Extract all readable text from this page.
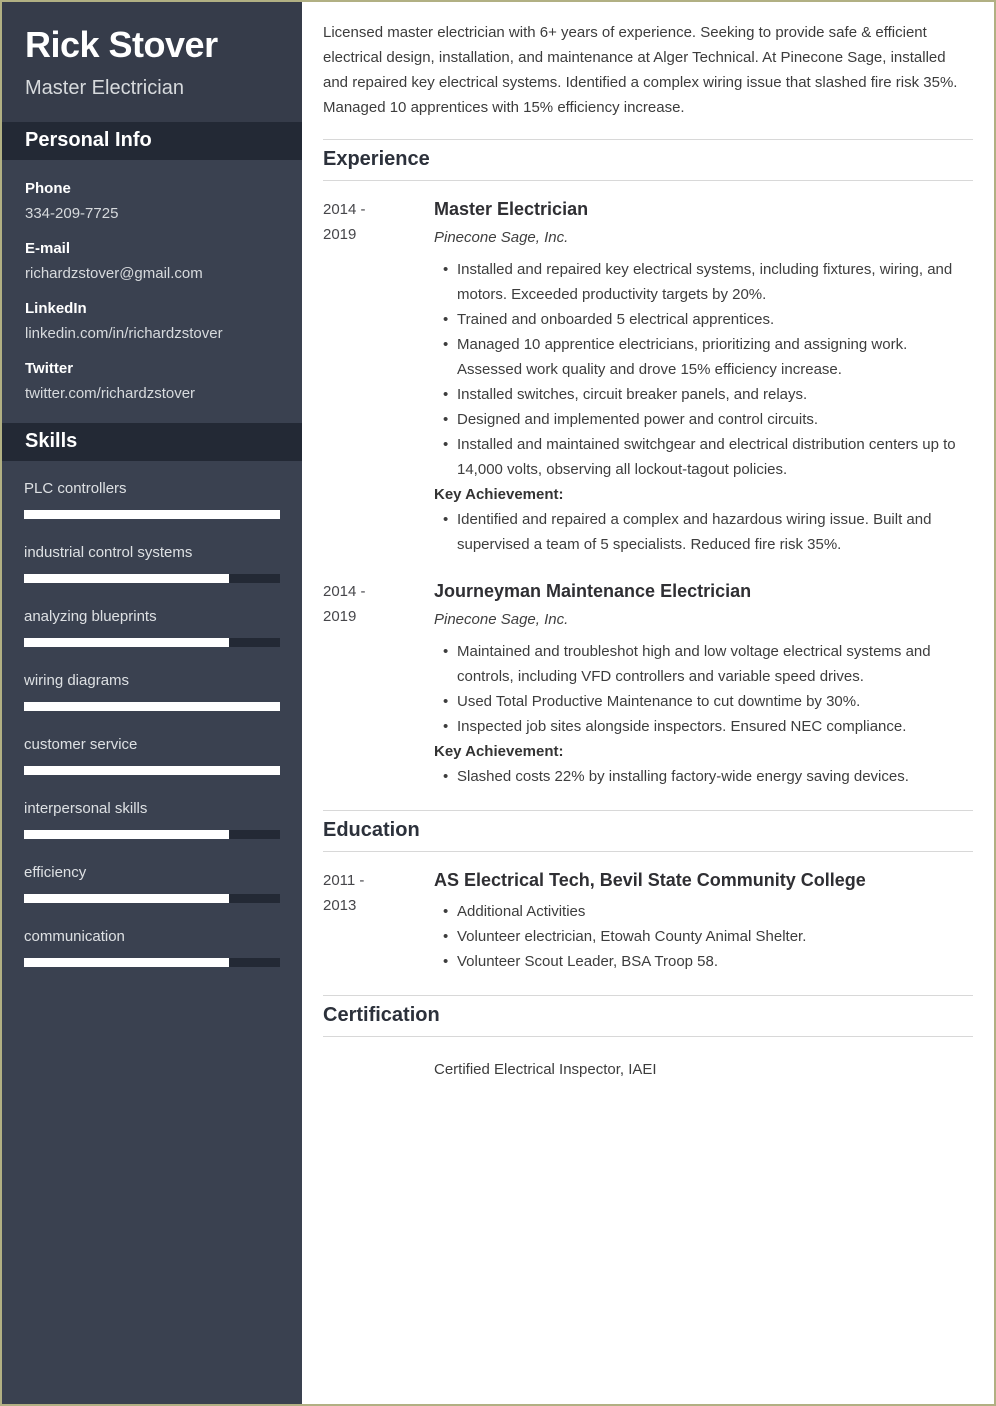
Rick Stover
Master Electrician
Personal Info
Phone
334-209-7725
E-mail
richardzstover@gmail.com
LinkedIn
linkedin.com/in/richardzstover
Twitter
twitter.com/richardzstover
Skills
PLC controllers
industrial control systems
analyzing blueprints
wiring diagrams
customer service
interpersonal skills
efficiency
communication

Licensed master electrician with 6+ years of experience. Seeking to provide safe & efficient electrical design, installation, and maintenance at Alger Technical. At Pinecone Sage, installed and repaired key electrical systems. Identified a complex wiring issue that slashed fire risk 35%. Managed 10 apprentices with 15% efficiency increase.

Experience
2014 -
2019
Master Electrician
Pinecone Sage, Inc.
• Installed and repaired key electrical systems, including fixtures, wiring, and motors. Exceeded productivity targets by 20%.
• Trained and onboarded 5 electrical apprentices.
• Managed 10 apprentice electricians, prioritizing and assigning work. Assessed work quality and drove 15% efficiency increase.
• Installed switches, circuit breaker panels, and relays.
• Designed and implemented power and control circuits.
• Installed and maintained switchgear and electrical distribution centers up to 14,000 volts, observing all lockout-tagout policies.
Key Achievement:
• Identified and repaired a complex and hazardous wiring issue. Built and supervised a team of 5 specialists. Reduced fire risk 35%.
2014 -
2019
Journeyman Maintenance Electrician
Pinecone Sage, Inc.
• Maintained and troubleshot high and low voltage electrical systems and controls, including VFD controllers and variable speed drives.
• Used Total Productive Maintenance to cut downtime by 30%.
• Inspected job sites alongside inspectors. Ensured NEC compliance.
Key Achievement:
• Slashed costs 22% by installing factory-wide energy saving devices.
Education
2011 -
2013
AS Electrical Tech, Bevil State Community College
• Additional Activities
• Volunteer electrician, Etowah County Animal Shelter.
• Volunteer Scout Leader, BSA Troop 58.
Certification
Certified Electrical Inspector, IAEI
